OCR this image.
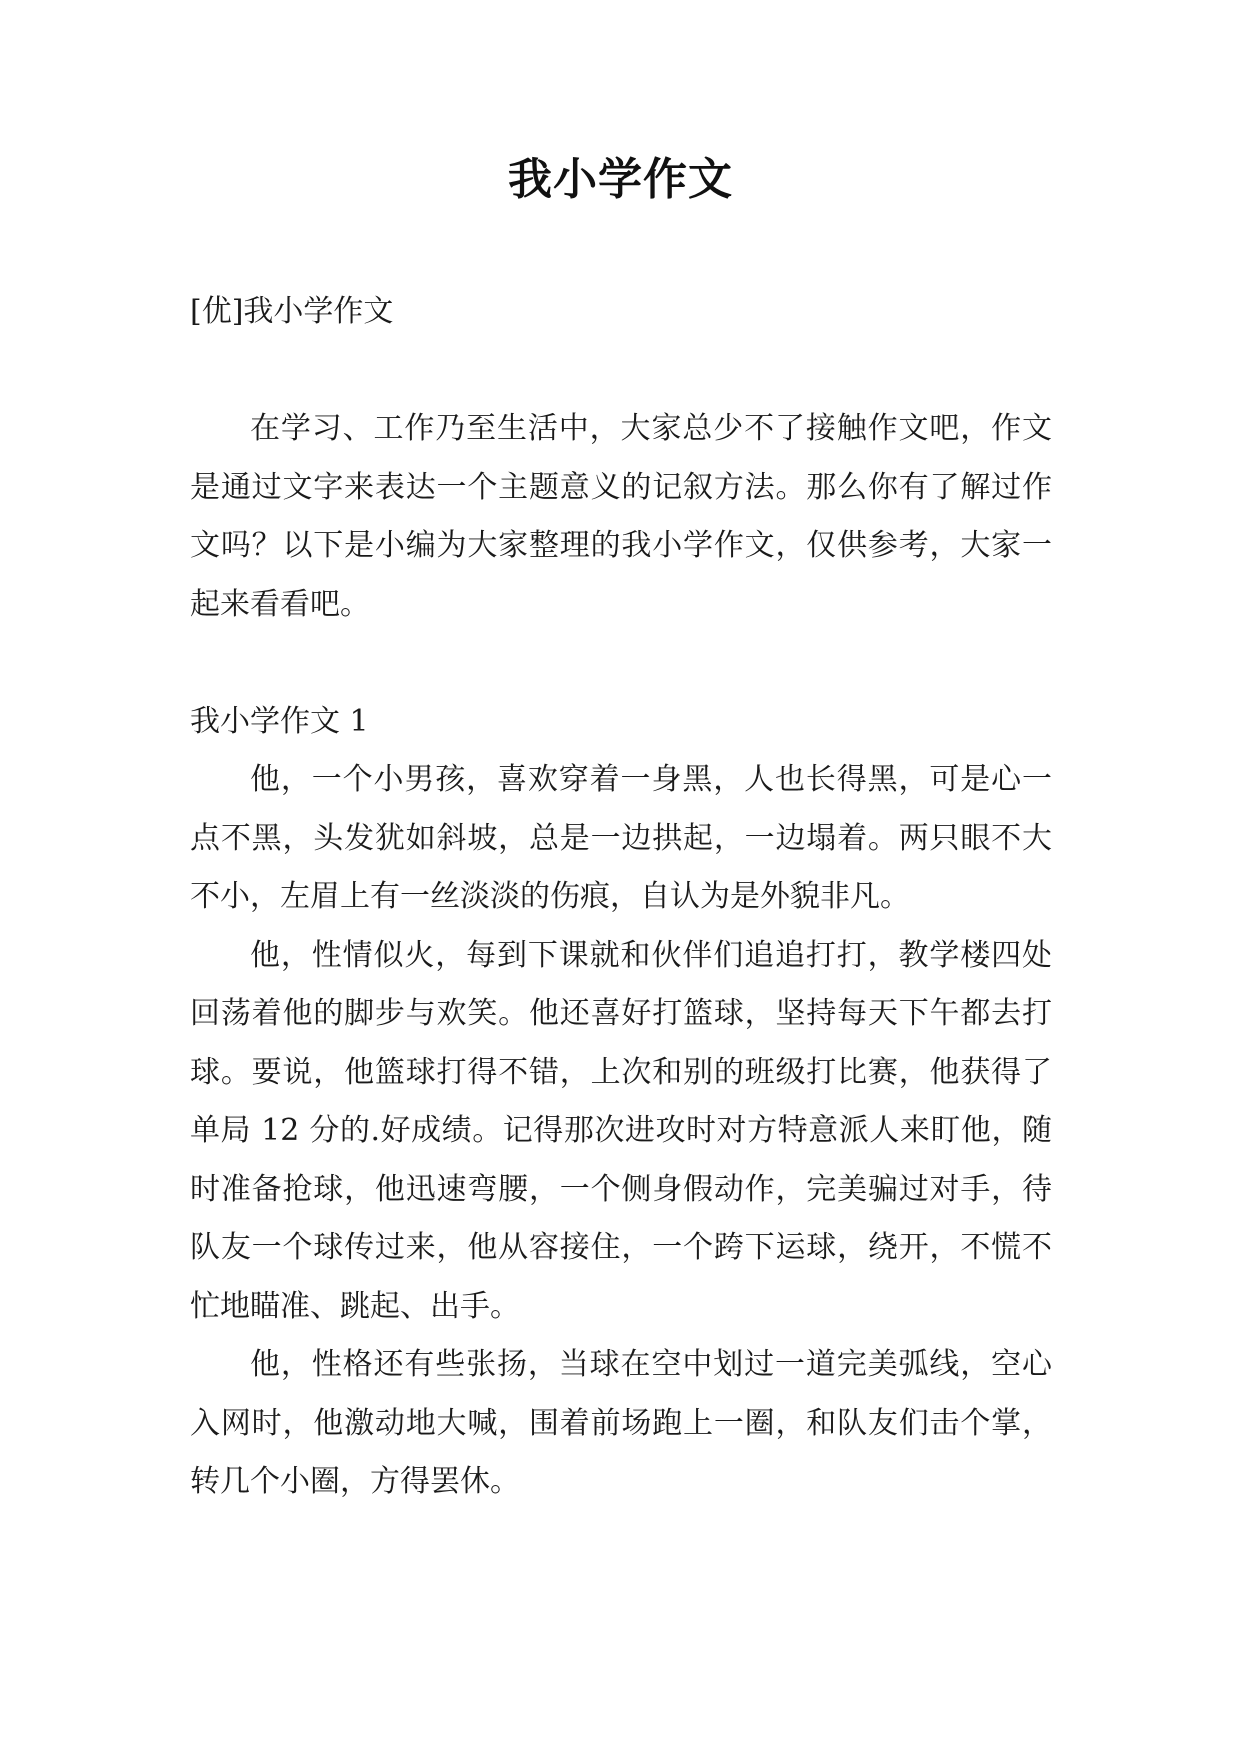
我小学作文

[优]我小学作文

在学习、工作乃至生活中，大家总少不了接触作文吧，作文是通过文字来表达一个主题意义的记叙方法。那么你有了解过作文吗？以下是小编为大家整理的我小学作文，仅供参考，大家一起来看看吧。

我小学作文 1

他，一个小男孩，喜欢穿着一身黑，人也长得黑，可是心一点不黑，头发犹如斜坡，总是一边拱起，一边塌着。两只眼不大不小，左眉上有一丝淡淡的伤痕，自认为是外貌非凡。

他，性情似火，每到下课就和伙伴们追追打打，教学楼四处回荡着他的脚步与欢笑。他还喜好打篮球，坚持每天下午都去打球。要说，他篮球打得不错，上次和别的班级打比赛，他获得了单局 12 分的.好成绩。记得那次进攻时对方特意派人来盯他，随时准备抢球，他迅速弯腰，一个侧身假动作，完美骗过对手，待队友一个球传过来，他从容接住，一个跨下运球，绕开，不慌不忙地瞄准、跳起、出手。

他，性格还有些张扬，当球在空中划过一道完美弧线，空心入网时，他激动地大喊，围着前场跑上一圈，和队友们击个掌，转几个小圈，方得罢休。
